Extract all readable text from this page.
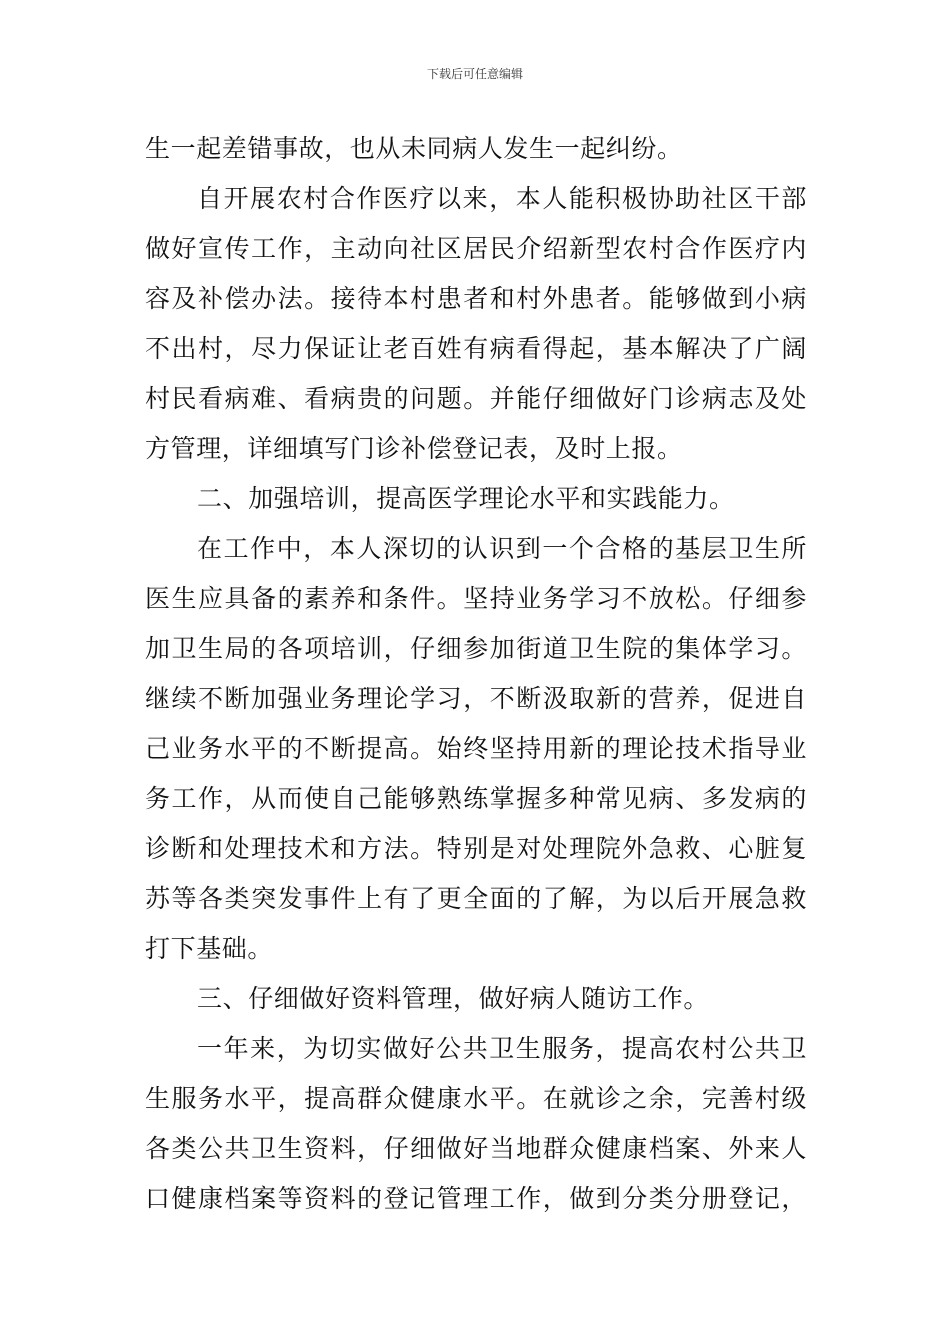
下载后可任意编辑
生一起差错事故，也从未同病人发生一起纠纷。
自开展农村合作医疗以来，本人能积极协助社区干部
做好宣传工作，主动向社区居民介绍新型农村合作医疗内
容及补偿办法。接待本村患者和村外患者。能够做到小病
不出村，尽力保证让老百姓有病看得起，基本解决了广阔
村民看病难、看病贵的问题。并能仔细做好门诊病志及处
方管理，详细填写门诊补偿登记表，及时上报。
二、加强培训，提高医学理论水平和实践能力。
在工作中，本人深切的认识到一个合格的基层卫生所
医生应具备的素养和条件。坚持业务学习不放松。仔细参
加卫生局的各项培训，仔细参加街道卫生院的集体学习。
继续不断加强业务理论学习，不断汲取新的营养，促进自
己业务水平的不断提高。始终坚持用新的理论技术指导业
务工作，从而使自己能够熟练掌握多种常见病、多发病的
诊断和处理技术和方法。特别是对处理院外急救、心脏复
苏等各类突发事件上有了更全面的了解，为以后开展急救
打下基础。
三、仔细做好资料管理，做好病人随访工作。
一年来，为切实做好公共卫生服务，提高农村公共卫
生服务水平，提高群众健康水平。在就诊之余，完善村级
各类公共卫生资料，仔细做好当地群众健康档案、外来人
口健康档案等资料的登记管理工作，做到分类分册登记，
